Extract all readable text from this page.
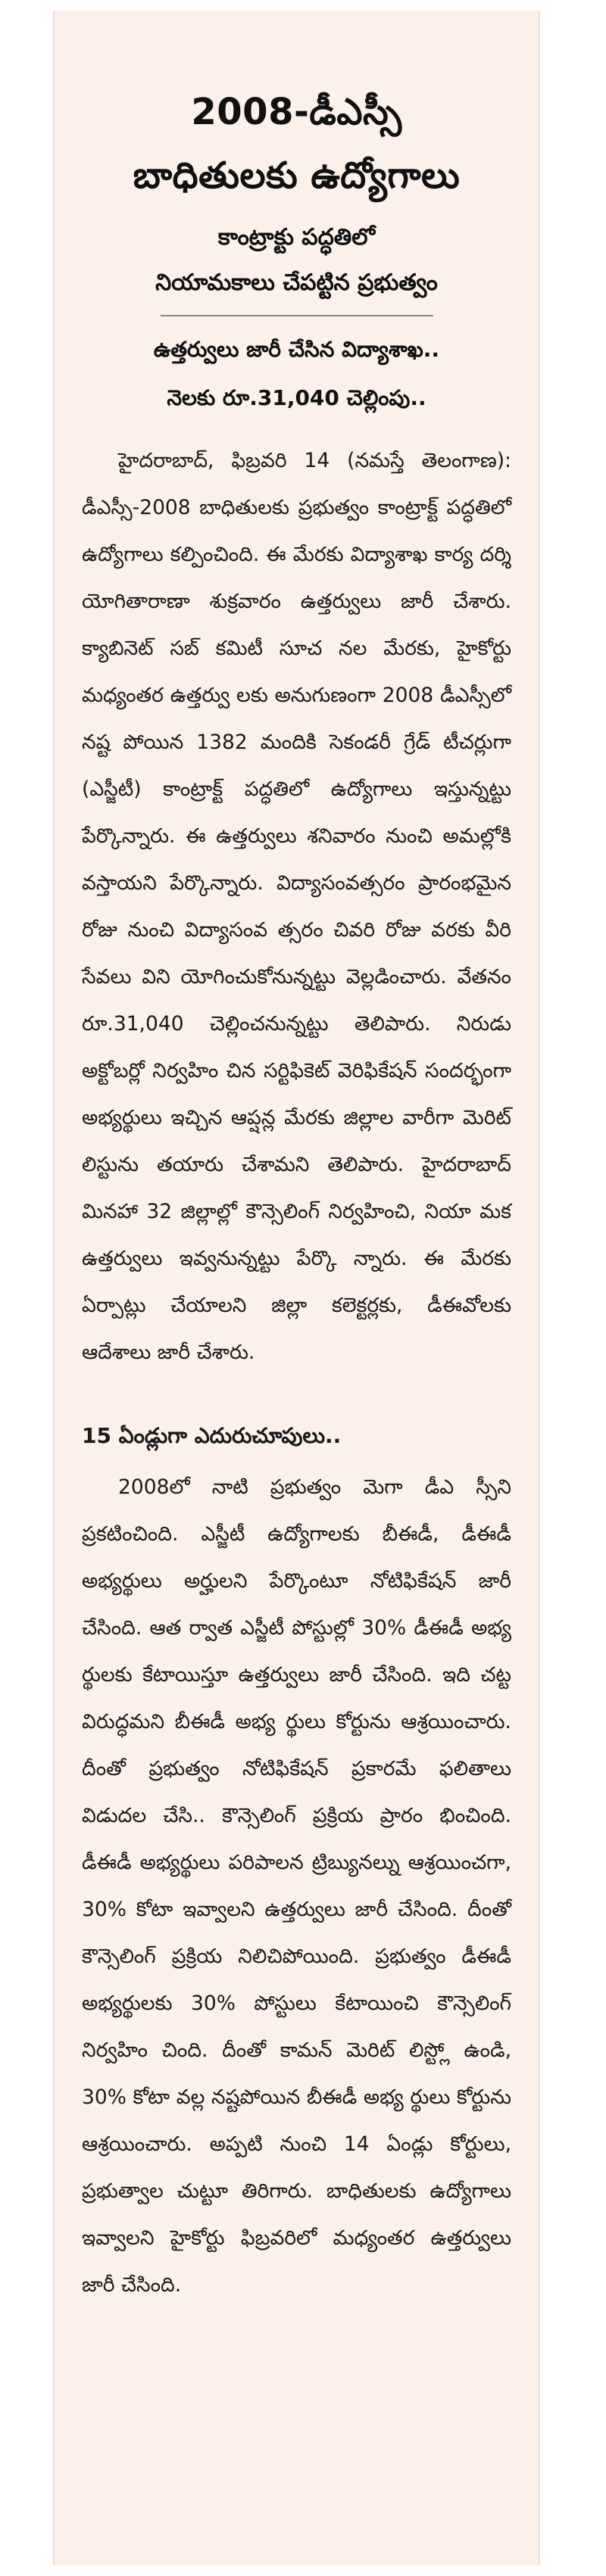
2008-డీఎస్సీ
బాధితులకు ఉద్యోగాలు
కాంట్రాక్టు పద్ధతిలో
నియామకాలు చేపట్టిన ప్రభుత్వం
ఉత్తర్వులు జారీ చేసిన విద్యాశాఖ..
నెలకు రూ.31,040 చెల్లింపు..

హైదరాబాద్, ఫిబ్రవరి 14 (నమస్తే తెలంగాణ): డీఎస్సీ-2008 బాధితులకు ప్రభుత్వం కాంట్రాక్ట్ పద్ధతిలో ఉద్యోగాలు కల్పించింది. ఈ మేరకు విద్యాశాఖ కార్య దర్శి యోగితారాణా శుక్రవారం ఉత్తర్వులు జారీ చేశారు. క్యాబినెట్ సబ్ కమిటీ సూచ నల మేరకు, హైకోర్టు మధ్యంతర ఉత్తర్వు లకు అనుగుణంగా 2008 డీఎస్సీలో నష్ట పోయిన 1382 మందికి సెకండరీ గ్రేడ్ టీచర్లుగా (ఎస్జీటీ) కాంట్రాక్ట్ పద్ధతిలో ఉద్యోగాలు ఇస్తున్నట్టు పేర్కొన్నారు. ఈ ఉత్తర్వులు శనివారం నుంచి అమల్లోకి వస్తాయని పేర్కొన్నారు. విద్యాసంవత్సరం ప్రారంభమైన రోజు నుంచి విద్యాసంవ త్సరం చివరి రోజు వరకు వీరి సేవలు విని యోగించుకోనున్నట్టు వెల్లడించారు. వేతనం రూ.31,040 చెల్లించనున్నట్టు తెలిపారు. నిరుడు అక్టోబర్లో నిర్వహిం చిన సర్టిఫికెట్ వెరిఫికేషన్ సందర్భంగా అభ్యర్థులు ఇచ్చిన ఆప్షన్ల మేరకు జిల్లాల వారీగా మెరిట్ లిస్టును తయారు చేశామని తెలిపారు. హైదరాబాద్ మినహా 32 జిల్లాల్లో కౌన్సెలింగ్ నిర్వహించి, నియా మక ఉత్తర్వులు ఇవ్వనున్నట్టు పేర్కొ న్నారు. ఈ మేరకు ఏర్పాట్లు చేయాలని జిల్లా కలెక్టర్లకు, డీఈవోలకు ఆదేశాలు జారీ చేశారు.

15 ఏండ్లుగా ఎదురుచూపులు..

2008లో నాటి ప్రభుత్వం మెగా డీఎ స్సీని ప్రకటించింది. ఎస్జీటీ ఉద్యోగాలకు బీఈడీ, డీఈడీ అభ్యర్థులు అర్హులని పేర్కొంటూ నోటిఫికేషన్ జారీ చేసింది. ఆత ర్వాత ఎస్జీటీ పోస్టుల్లో 30% డీఈడీ అభ్య ర్థులకు కేటాయిస్తూ ఉత్తర్వులు జారీ చేసింది. ఇది చట్ట విరుద్ధమని బీఈడీ అభ్య ర్థులు కోర్టును ఆశ్రయించారు. దీంతో ప్రభుత్వం నోటిఫికేషన్ ప్రకారమే ఫలితాలు విడుదల చేసి.. కౌన్సెలింగ్ ప్రక్రియ ప్రారం భించింది. డీఈడీ అభ్యర్థులు పరిపాలన ట్రిబ్యునల్ను ఆశ్రయించగా, 30% కోటా ఇవ్వాలని ఉత్తర్వులు జారీ చేసింది. దీంతో కౌన్సెలింగ్ ప్రక్రియ నిలిచిపోయింది. ప్రభుత్వం డీఈడీ అభ్యర్థులకు 30% పోస్టులు కేటాయించి కౌన్సెలింగ్ నిర్వహిం చింది. దీంతో కామన్ మెరిట్ లిస్ట్లో ఉండి, 30% కోటా వల్ల నష్టపోయిన బీఈడీ అభ్య ర్థులు కోర్టును ఆశ్రయించారు. అప్పటి నుంచి 14 ఏండ్లు కోర్టులు, ప్రభుత్వాల చుట్టూ తిరిగారు. బాధితులకు ఉద్యోగాలు ఇవ్వాలని హైకోర్టు ఫిబ్రవరిలో మధ్యంతర ఉత్తర్వులు జారీ చేసింది.
